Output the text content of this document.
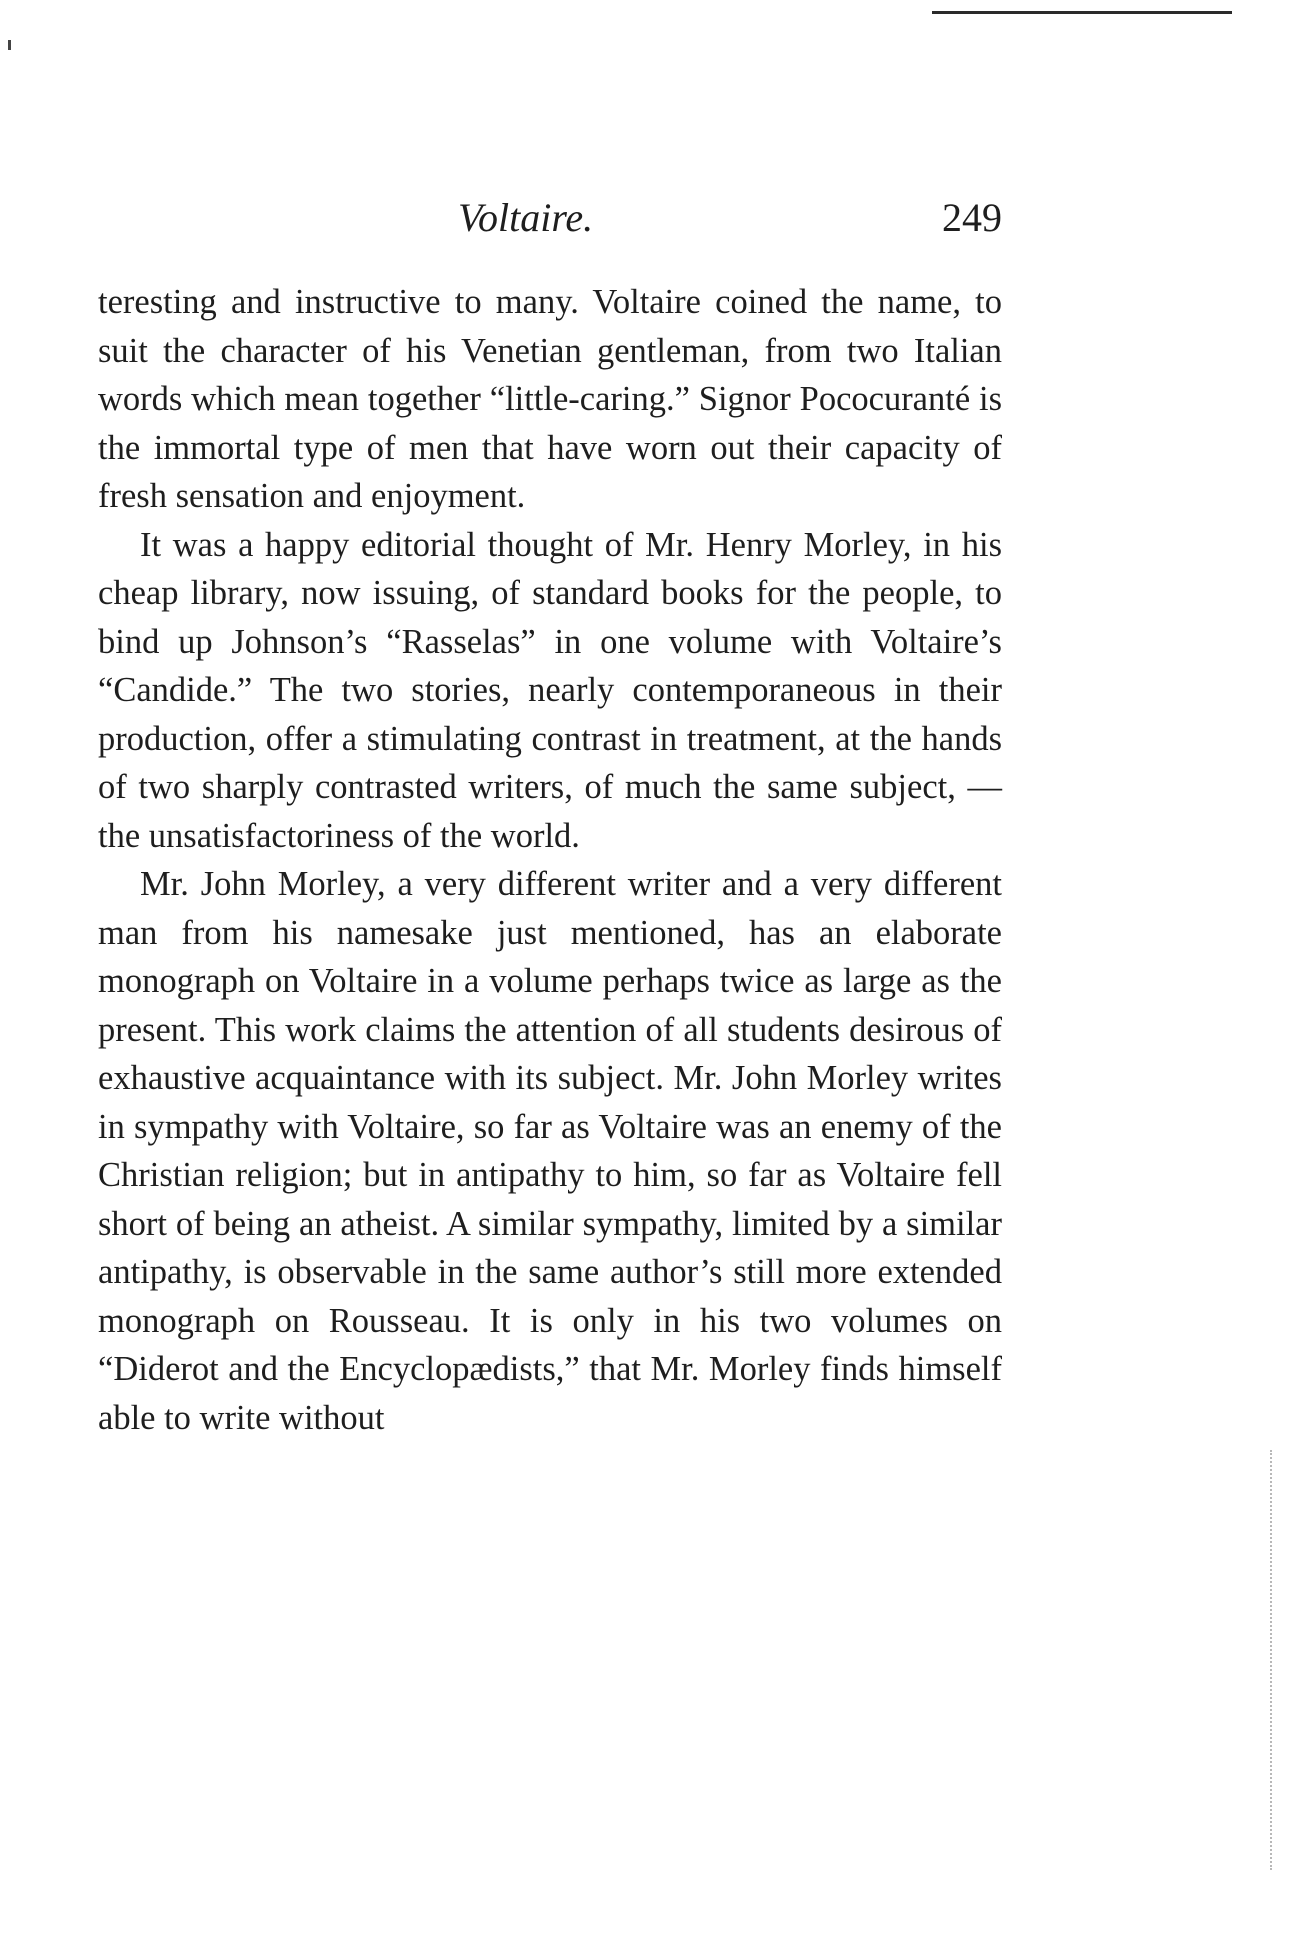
Voltaire.	249

teresting and instructive to many. Voltaire coined the name, to suit the character of his Venetian gentleman, from two Italian words which mean together “little-caring.” Signor Pococuranté is the immortal type of men that have worn out their capacity of fresh sensation and enjoyment.

It was a happy editorial thought of Mr. Henry Morley, in his cheap library, now issuing, of standard books for the people, to bind up Johnson’s “Rasselas” in one volume with Voltaire’s “Candide.” The two stories, nearly contemporaneous in their production, offer a stimulating contrast in treatment, at the hands of two sharply contrasted writers, of much the same subject, — the unsatisfactoriness of the world.

Mr. John Morley, a very different writer and a very different man from his namesake just mentioned, has an elaborate monograph on Voltaire in a volume perhaps twice as large as the present. This work claims the attention of all students desirous of exhaustive acquaintance with its subject. Mr. John Morley writes in sympathy with Voltaire, so far as Voltaire was an enemy of the Christian religion; but in antipathy to him, so far as Voltaire fell short of being an atheist. A similar sympathy, limited by a similar antipathy, is observable in the same author’s still more extended monograph on Rousseau. It is only in his two volumes on “Diderot and the Encyclopædists,” that Mr. Morley finds himself able to write without
